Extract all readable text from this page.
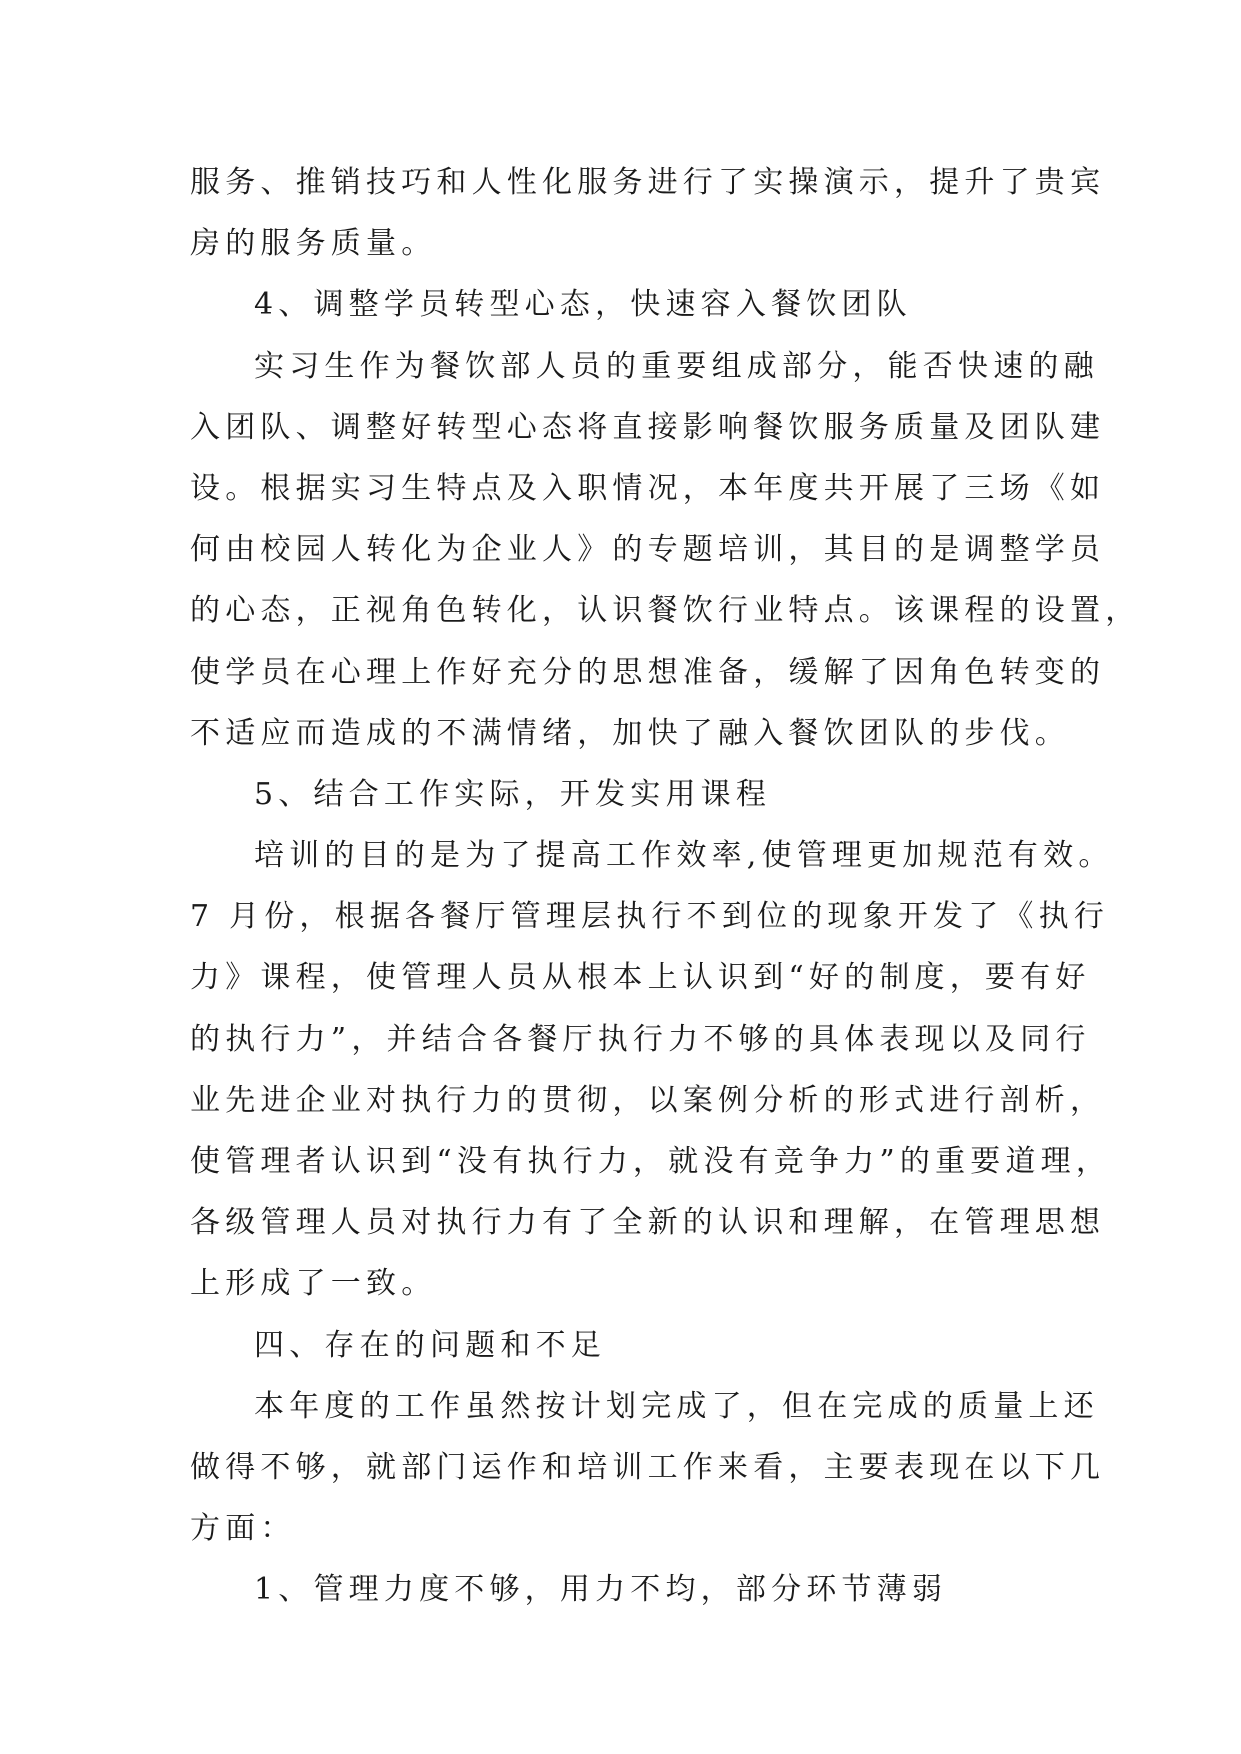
服务、推销技巧和人性化服务进行了实操演示，提升了贵宾
房的服务质量。
4、调整学员转型心态，快速容入餐饮团队
实习生作为餐饮部人员的重要组成部分，能否快速的融
入团队、调整好转型心态将直接影响餐饮服务质量及团队建
设。根据实习生特点及入职情况，本年度共开展了三场《如
何由校园人转化为企业人》的专题培训，其目的是调整学员
的心态，正视角色转化，认识餐饮行业特点。该课程的设置，
使学员在心理上作好充分的思想准备，缓解了因角色转变的
不适应而造成的不满情绪，加快了融入餐饮团队的步伐。
5、结合工作实际，开发实用课程
培训的目的是为了提高工作效率,使管理更加规范有效。
7 月份，根据各餐厅管理层执行不到位的现象开发了《执行
力》课程，使管理人员从根本上认识到“好的制度，要有好
的执行力”，并结合各餐厅执行力不够的具体表现以及同行
业先进企业对执行力的贯彻，以案例分析的形式进行剖析，
使管理者认识到“没有执行力，就没有竞争力”的重要道理，
各级管理人员对执行力有了全新的认识和理解，在管理思想
上形成了一致。
四、存在的问题和不足
本年度的工作虽然按计划完成了，但在完成的质量上还
做得不够，就部门运作和培训工作来看，主要表现在以下几
方面：
1、管理力度不够，用力不均，部分环节薄弱
